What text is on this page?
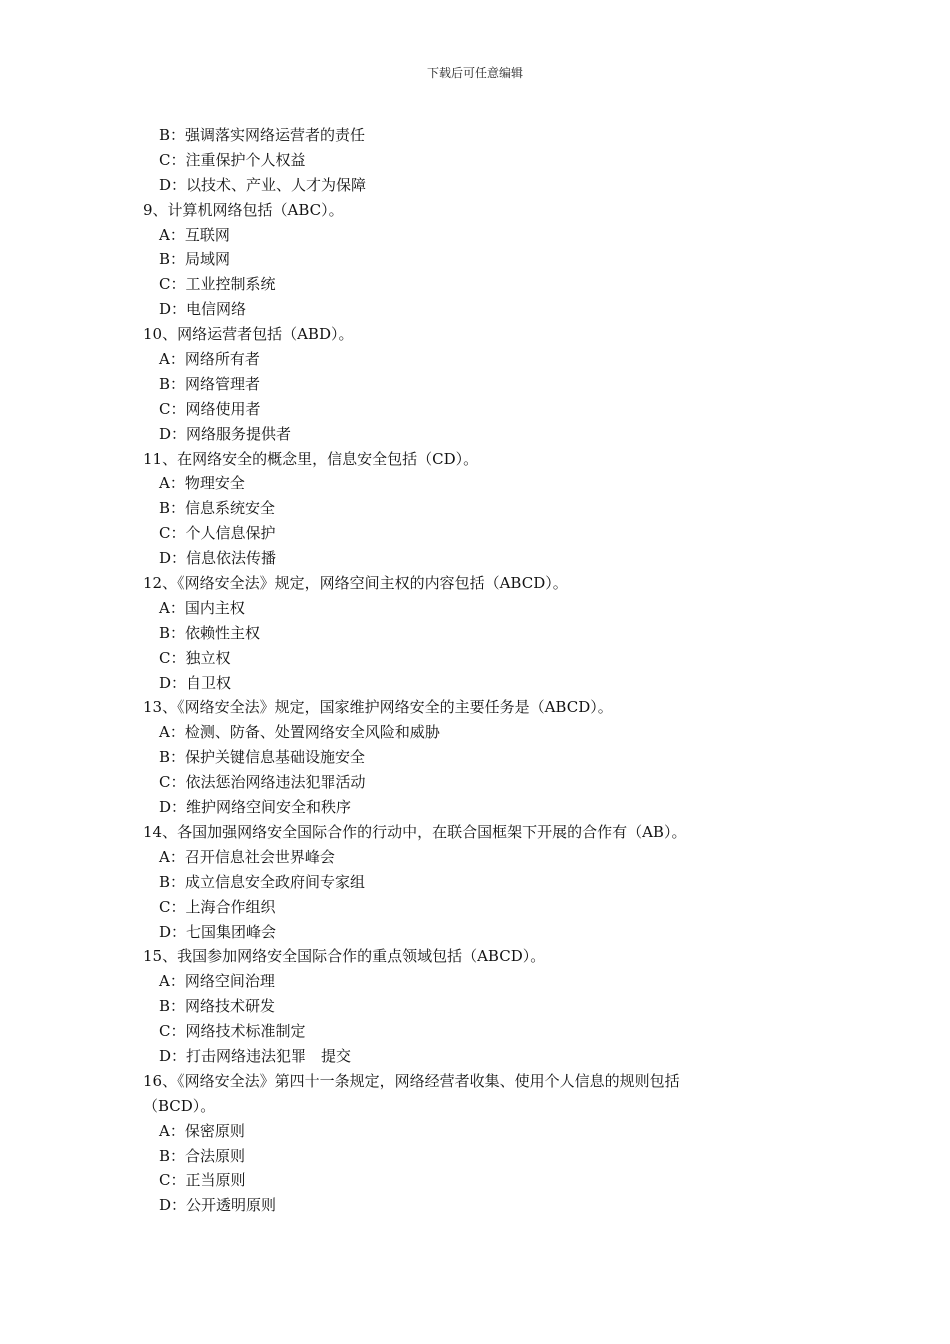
下载后可任意编辑
B：强调落实网络运营者的责任
C：注重保护个人权益
D：以技术、产业、人才为保障
9、计算机网络包括（ABC）。
A：互联网
B：局域网
C：工业控制系统
D：电信网络
10、网络运营者包括（ABD）。
A：网络所有者
B：网络管理者
C：网络使用者
D：网络服务提供者
11、在网络安全的概念里，信息安全包括（CD）。
A：物理安全
B：信息系统安全
C：个人信息保护
D：信息依法传播
12、《网络安全法》规定，网络空间主权的内容包括（ABCD）。
A：国内主权
B：依赖性主权
C：独立权
D：自卫权
13、《网络安全法》规定，国家维护网络安全的主要任务是（ABCD）。
A：检测、防备、处置网络安全风险和威胁
B：保护关键信息基础设施安全
C：依法惩治网络违法犯罪活动
D：维护网络空间安全和秩序
14、各国加强网络安全国际合作的行动中，在联合国框架下开展的合作有（AB）。
A：召开信息社会世界峰会
B：成立信息安全政府间专家组
C：上海合作组织
D：七国集团峰会
15、我国参加网络安全国际合作的重点领域包括（ABCD）。
A：网络空间治理
B：网络技术研发
C：网络技术标准制定
D：打击网络违法犯罪　提交
16、《网络安全法》第四十一条规定，网络经营者收集、使用个人信息的规则包括
（BCD）。
A：保密原则
B：合法原则
C：正当原则
D：公开透明原则
